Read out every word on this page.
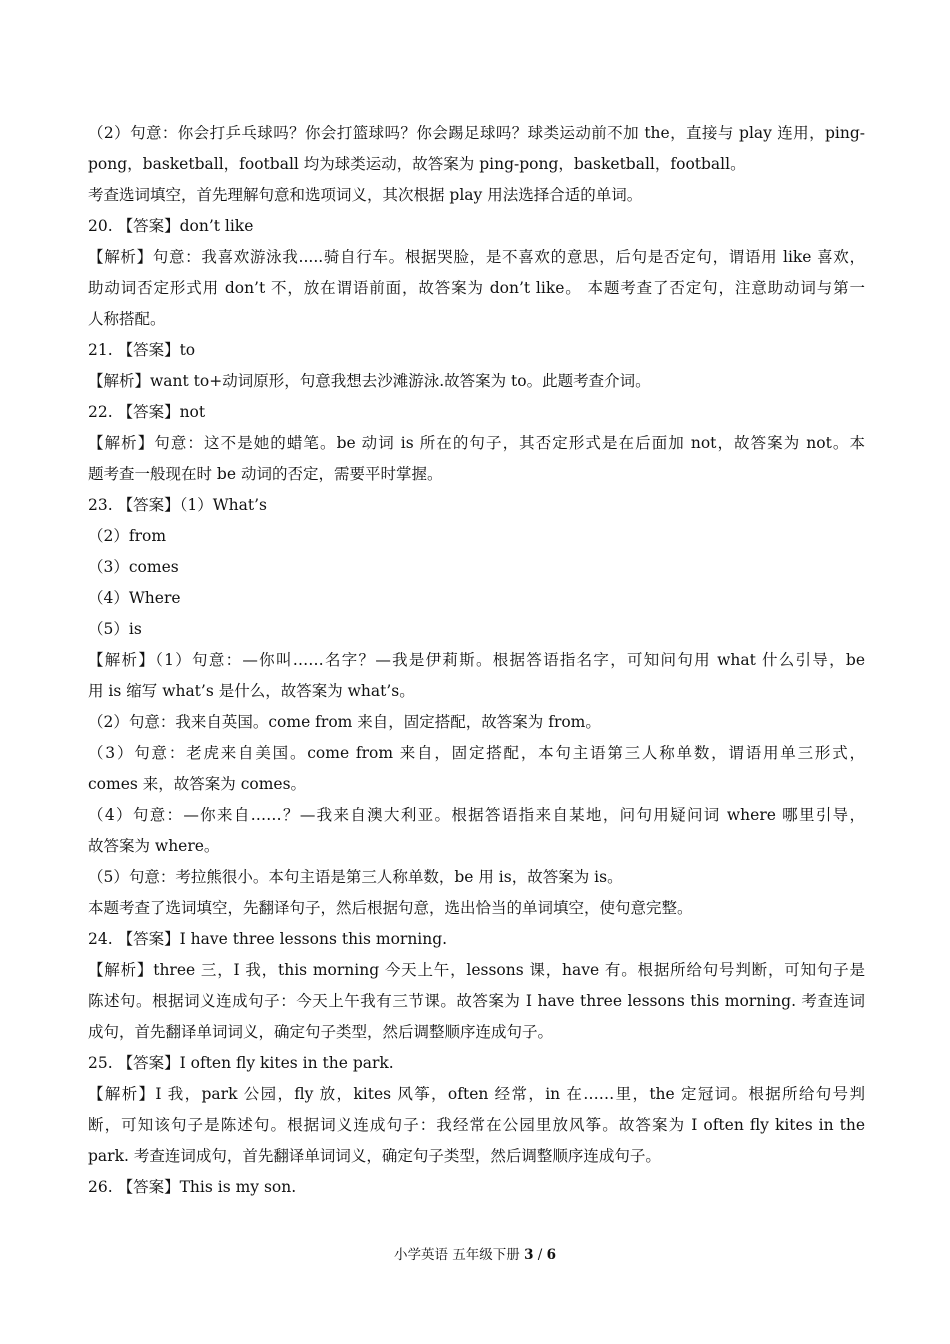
（2）句意：你会打乒乓球吗？你会打篮球吗？你会踢足球吗？球类运动前不加 the，直接与 play 连用，ping-
pong，basketball，football 均为球类运动，故答案为 ping-pong，basketball，football。
考查选词填空，首先理解句意和选项词义，其次根据 play 用法选择合适的单词。
20. 【答案】don’t like
【解析】句意：我喜欢游泳我.....骑自行车。根据哭脸，是不喜欢的意思，后句是否定句，谓语用 like 喜欢，
助动词否定形式用 don’t 不，放在谓语前面，故答案为 don’t like。 本题考查了否定句，注意助动词与第一
人称搭配。
21. 【答案】to
【解析】want to+动词原形，句意我想去沙滩游泳.故答案为 to。此题考查介词。
22. 【答案】not
【解析】句意：这不是她的蜡笔。be 动词 is 所在的句子，其否定形式是在后面加 not，故答案为 not。本
题考查一般现在时 be 动词的否定，需要平时掌握。
23. 【答案】（1）What’s
（2）from
（3）comes
（4）Where
（5）is
【解析】（1）句意：—你叫……名字？—我是伊莉斯。根据答语指名字，可知问句用 what 什么引导，be
用 is 缩写 what’s 是什么，故答案为 what’s。
（2）句意：我来自英国。come from 来自，固定搭配，故答案为 from。
（3）句意：老虎来自美国。come from 来自，固定搭配，本句主语第三人称单数，谓语用单三形式，
comes 来，故答案为 comes。
（4）句意：—你来自……？—我来自澳大利亚。根据答语指来自某地，问句用疑问词 where 哪里引导，
故答案为 where。
（5）句意：考拉熊很小。本句主语是第三人称单数，be 用 is，故答案为 is。
本题考查了选词填空，先翻译句子，然后根据句意，选出恰当的单词填空，使句意完整。
24. 【答案】I have three lessons this morning.
【解析】three 三，I 我，this morning 今天上午，lessons 课，have 有。根据所给句号判断，可知句子是
陈述句。根据词义连成句子：今天上午我有三节课。故答案为 I have three lessons this morning. 考查连词
成句，首先翻译单词词义，确定句子类型，然后调整顺序连成句子。
25. 【答案】I often fly kites in the park.
【解析】I 我，park 公园，fly 放，kites 风筝，often 经常，in 在……里，the 定冠词。根据所给句号判
断，可知该句子是陈述句。根据词义连成句子：我经常在公园里放风筝。故答案为 I often fly kites in the
park. 考查连词成句，首先翻译单词词义，确定句子类型，然后调整顺序连成句子。
26. 【答案】This is my son.
小学英语 五年级下册 3 / 6
